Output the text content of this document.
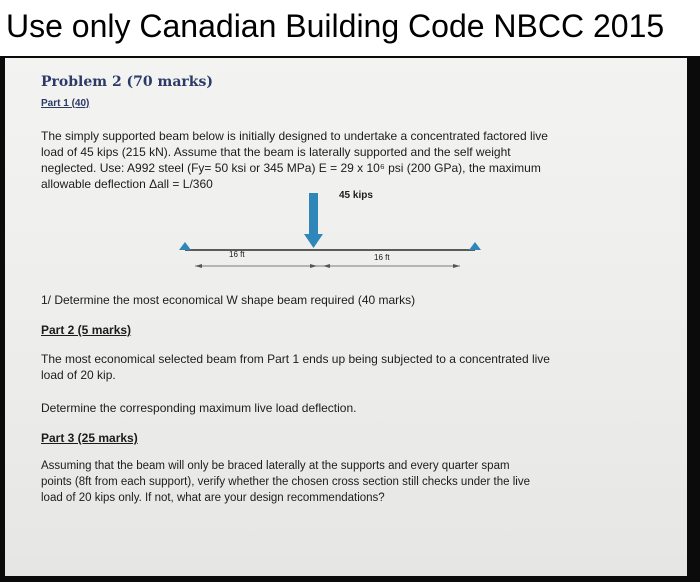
Use only Canadian Building Code NBCC 2015
Problem 2 (70 marks)
Part 1 (40)
The simply supported beam below is initially designed to undertake a concentrated factored live
load of 45 kips (215 kN). Assume that the beam is laterally supported and the self weight
neglected. Use: A992 steel (Fy= 50 ksi or 345 MPa) E = 29 x 10⁶ psi (200 GPa), the maximum
allowable deflection Δall = L/360
45 kips
16 ft	16 ft
1/ Determine the most economical W shape beam required (40 marks)
Part 2 (5 marks)
The most economical selected beam from Part 1 ends up being subjected to a concentrated live
load of 20 kip.
Determine the corresponding maximum live load deflection.
Part 3 (25 marks)
Assuming that the beam will only be braced laterally at the supports and every quarter spam
points (8ft from each support), verify whether the chosen cross section still checks under the live
load of 20 kips only. If not, what are your design recommendations?
